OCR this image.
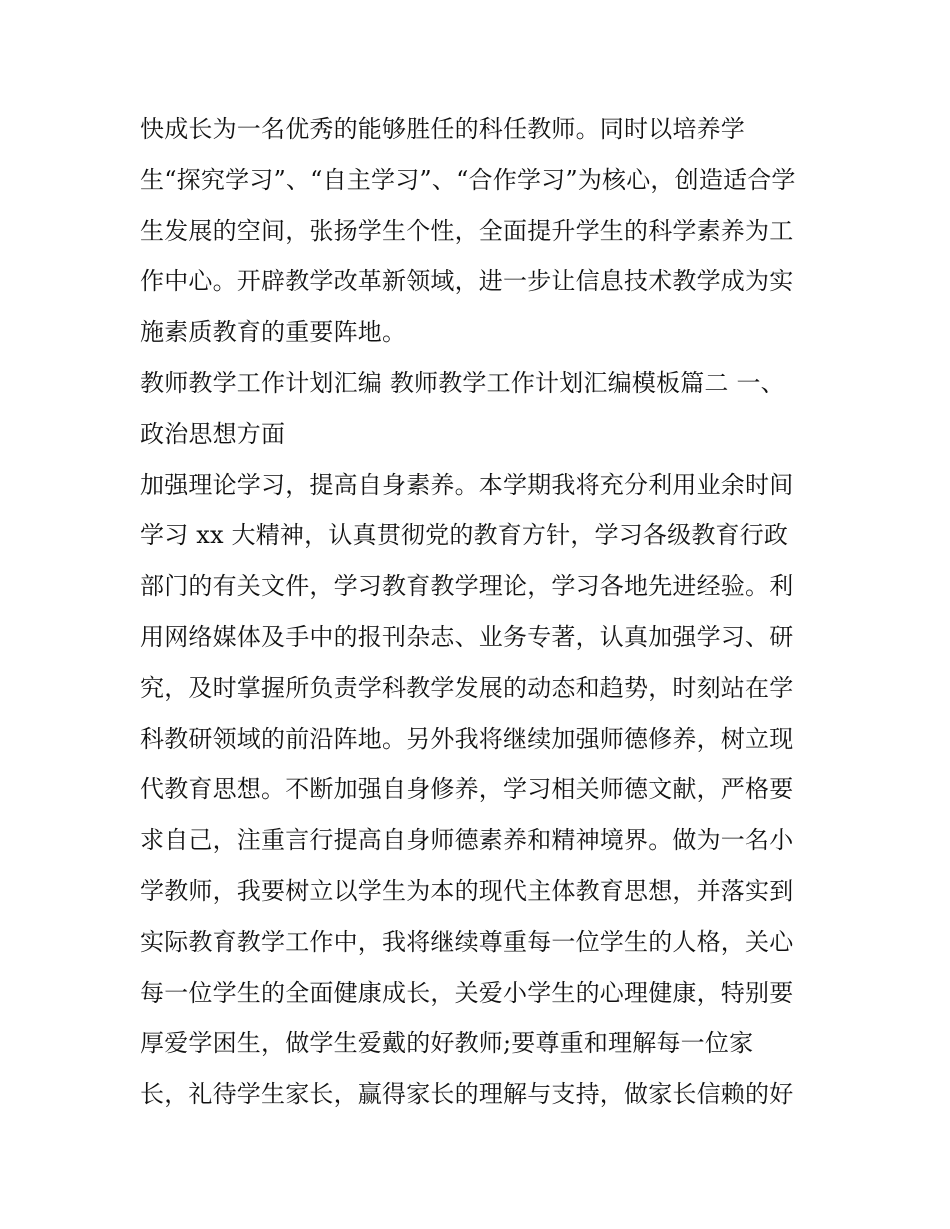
快成长为一名优秀的能够胜任的科任教师。同时以培养学
生“探究学习”、“自主学习”、“合作学习”为核心，创造适合学
生发展的空间，张扬学生个性，全面提升学生的科学素养为工
作中心。开辟教学改革新领域，进一步让信息技术教学成为实
施素质教育的重要阵地。
教师教学工作计划汇编 教师教学工作计划汇编模板篇二 一、
政治思想方面
加强理论学习，提高自身素养。本学期我将充分利用业余时间
学习 xx 大精神，认真贯彻党的教育方针，学习各级教育行政
部门的有关文件，学习教育教学理论，学习各地先进经验。利
用网络媒体及手中的报刊杂志、业务专著，认真加强学习、研
究，及时掌握所负责学科教学发展的动态和趋势，时刻站在学
科教研领域的前沿阵地。另外我将继续加强师德修养，树立现
代教育思想。不断加强自身修养，学习相关师德文献，严格要
求自己，注重言行提高自身师德素养和精神境界。做为一名小
学教师，我要树立以学生为本的现代主体教育思想，并落实到
实际教育教学工作中，我将继续尊重每一位学生的人格，关心
每一位学生的全面健康成长，关爱小学生的心理健康，特别要
厚爱学困生，做学生爱戴的好教师;要尊重和理解每一位家
长，礼待学生家长，赢得家长的理解与支持，做家长信赖的好
